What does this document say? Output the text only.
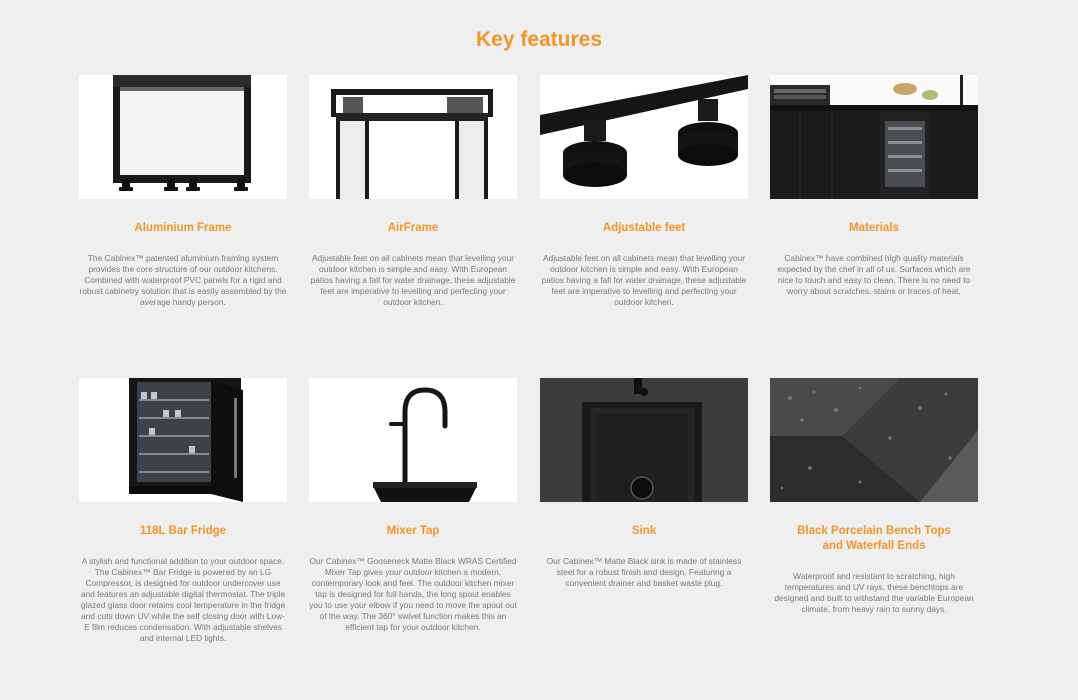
Key features
Aluminium Frame
The Cabinex™ patented aluminium framing system provides the core structure of our outdoor kitchens. Combined with waterproof PVC panels for a rigid and robust cabinetry solution that is easily assembled by the average handy person.
AirFrame
Adjustable feet on all cabinets mean that levelling your outdoor kitchen is simple and easy. With European patios having a fall for water drainage, these adjustable feet are imperative to levelling and perfecting your outdoor kitchen.
Adjustable feet
Adjustable feet on all cabinets mean that levelling your outdoor kitchen is simple and easy. With European patios having a fall for water drainage, these adjustable feet are imperative to levelling and perfecting your outdoor kitchen.
Materials
Cabinex™ have combined high quality materials expected by the chef in all of us. Surfaces which are nice to touch and easy to clean. There is no need to worry about scratches, stains or traces of heat.
118L Bar Fridge
A stylish and functional addition to your outdoor space. The Cabinex™ Bar Fridge is powered by an LG Compressor, is designed for outdoor undercover use and features an adjustable digital thermostat. The triple glazed glass door retains cool temperature in the fridge and cuts down UV while the self closing door with Low-E film reduces condensation. With adjustable shelves and internal LED lights.
Mixer Tap
Our Cabinex™ Gooseneck Matte Black WRAS Certified Mixer Tap gives your outdoor kitchen a modern, contemporary look and feel. The outdoor kitchen mixer tap is designed for full hands, the long spout enables you to use your elbow if you need to move the spout out of the way. The 360° swivel function makes this an efficient tap for your outdoor kitchen.
Sink
Our Cabinex™ Matte Black sink is made of stainless steel for a robust finish and design. Featuring a convenient drainer and basket waste plug.
Black Porcelain Bench Tops
and Waterfall Ends
Waterproof and resistant to scratching, high temperatures and UV rays, these benchtops are designed and built to withstand the variable European climate, from heavy rain to sunny days.
